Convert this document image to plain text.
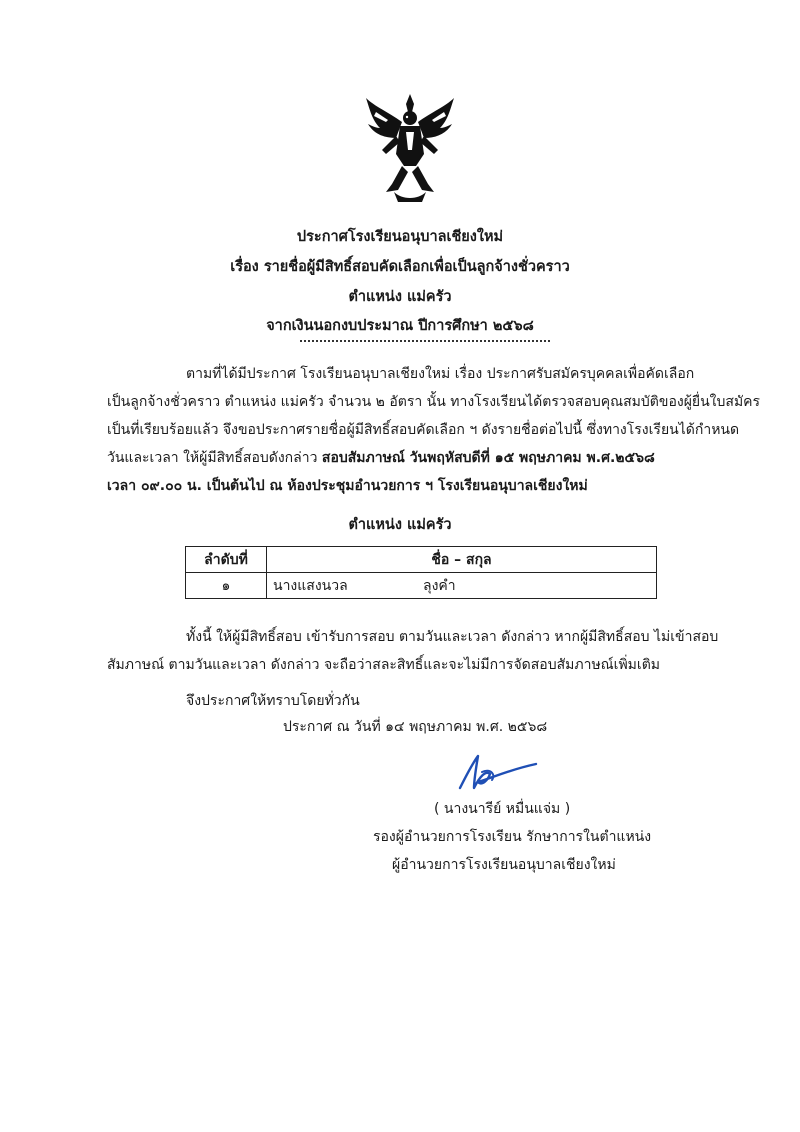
ประกาศโรงเรียนอนุบาลเชียงใหม่
เรื่อง รายชื่อผู้มีสิทธิ์สอบคัดเลือกเพื่อเป็นลูกจ้างชั่วคราว
ตำแหน่ง แม่ครัว
จากเงินนอกงบประมาณ ปีการศึกษา ๒๕๖๘
ตามที่ได้มีประกาศ โรงเรียนอนุบาลเชียงใหม่ เรื่อง ประกาศรับสมัครบุคคลเพื่อคัดเลือก
เป็นลูกจ้างชั่วคราว ตำแหน่ง แม่ครัว จำนวน ๒ อัตรา นั้น ทางโรงเรียนได้ตรวจสอบคุณสมบัติของผู้ยื่นใบสมัคร
เป็นที่เรียบร้อยแล้ว จึงขอประกาศรายชื่อผู้มีสิทธิ์สอบคัดเลือก ฯ ดังรายชื่อต่อไปนี้ ซึ่งทางโรงเรียนได้กำหนด
วันและเวลา ให้ผู้มีสิทธิ์สอบดังกล่าว สอบสัมภาษณ์ วันพฤหัสบดีที่ ๑๕ พฤษภาคม พ.ศ.๒๕๖๘
เวลา ๐๙.๐๐ น. เป็นต้นไป ณ ห้องประชุมอำนวยการ ฯ โรงเรียนอนุบาลเชียงใหม่
ตำแหน่ง แม่ครัว
ลำดับที่	ชื่อ – สกุล
๑	นางแสงนวล ลุงคำ
ทั้งนี้ ให้ผู้มีสิทธิ์สอบ เข้ารับการสอบ ตามวันและเวลา ดังกล่าว หากผู้มีสิทธิ์สอบ ไม่เข้าสอบ
สัมภาษณ์ ตามวันและเวลา ดังกล่าว จะถือว่าสละสิทธิ์และจะไม่มีการจัดสอบสัมภาษณ์เพิ่มเติม
จึงประกาศให้ทราบโดยทั่วกัน
ประกาศ ณ วันที่ ๑๔ พฤษภาคม พ.ศ. ๒๕๖๘
( นางนารีย์ หมื่นแจ่ม )
รองผู้อำนวยการโรงเรียน รักษาการในตำแหน่ง
ผู้อำนวยการโรงเรียนอนุบาลเชียงใหม่
